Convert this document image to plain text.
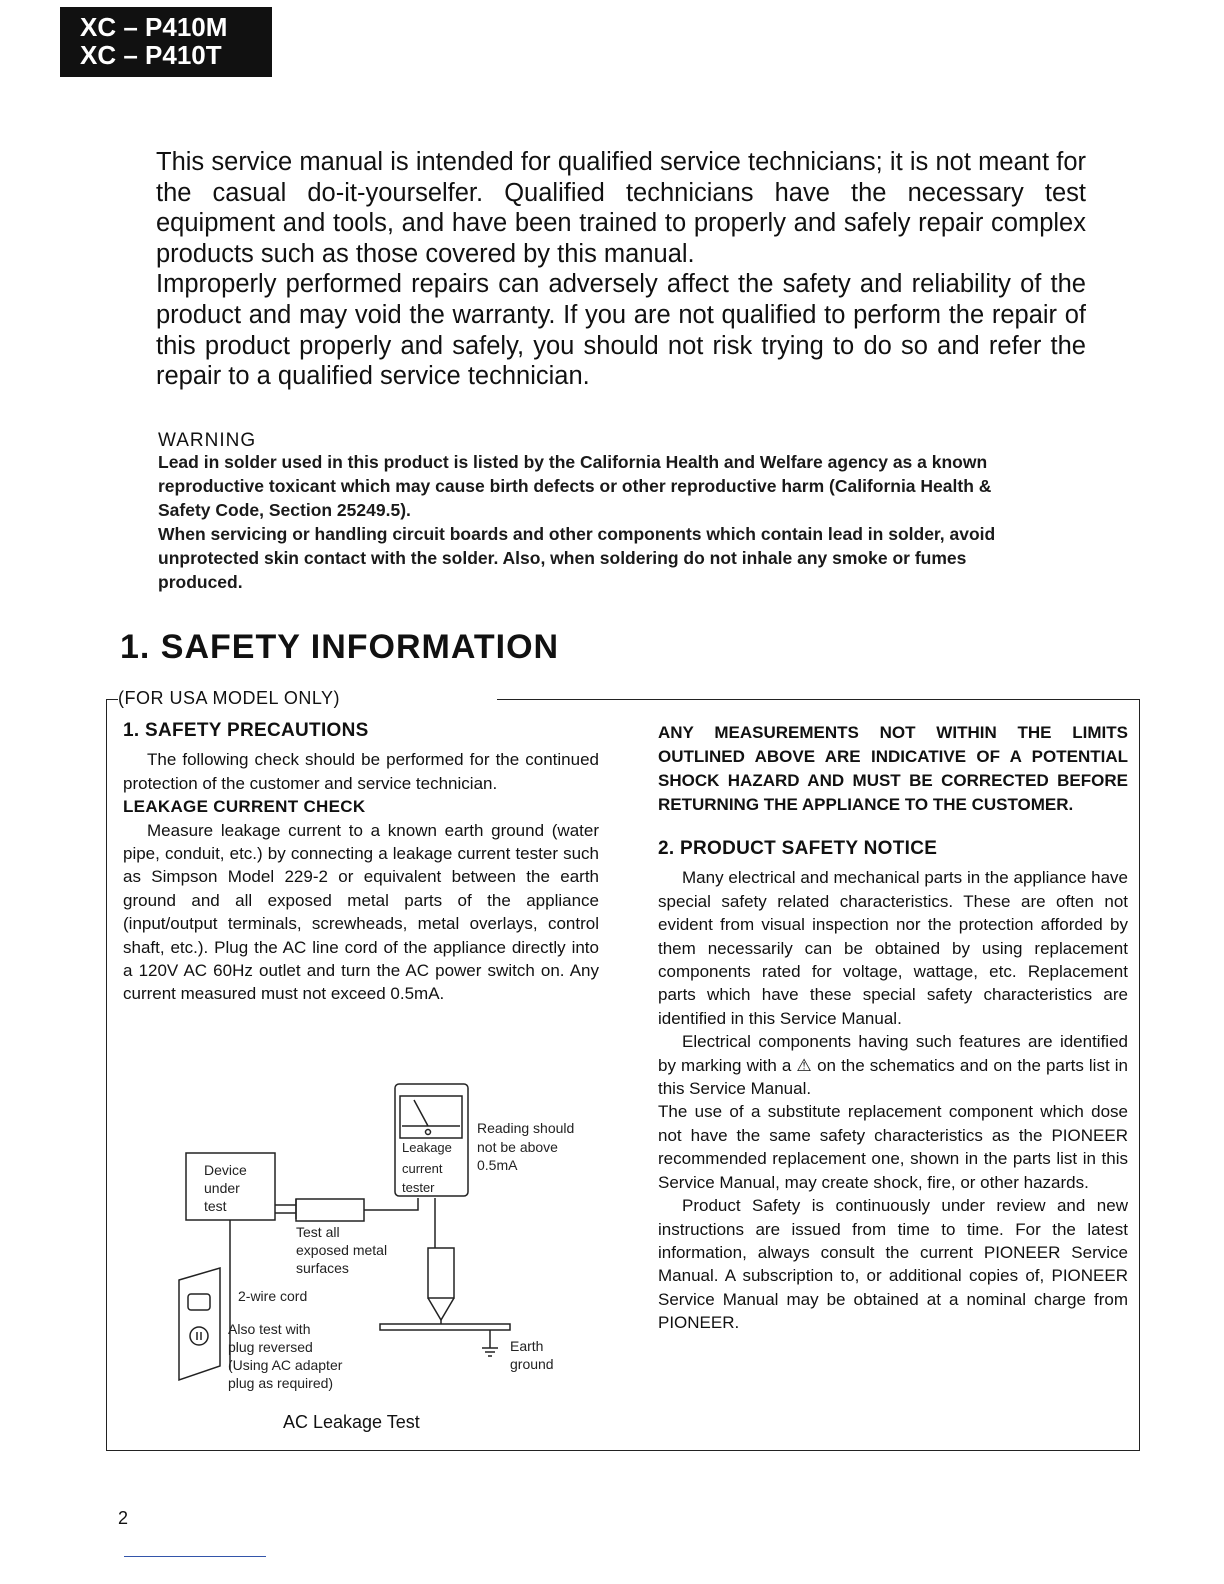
XC – P410M
XC – P410T

This service manual is intended for qualified service technicians; it is not meant for the casual do-it-yourselfer. Qualified technicians have the necessary test equipment and tools, and have been trained to properly and safely repair complex products such as those covered by this manual.

Improperly performed repairs can adversely affect the safety and reliability of the product and may void the warranty. If you are not qualified to perform the repair of this product properly and safely, you should not risk trying to do so and refer the repair to a qualified service technician.

WARNING

Lead in solder used in this product is listed by the California Health and Welfare agency as a known reproductive toxicant which may cause birth defects or other reproductive harm (California Health & Safety Code, Section 25249.5).

When servicing or handling circuit boards and other components which contain lead in solder, avoid unprotected skin contact with the solder. Also, when soldering do not inhale any smoke or fumes produced.

1. SAFETY INFORMATION
(FOR USA MODEL ONLY)
1. SAFETY PRECAUTIONS

The following check should be performed for the continued protection of the customer and service technician.

LEAKAGE CURRENT CHECK

Measure leakage current to a known earth ground (water pipe, conduit, etc.) by connecting a leakage current tester such as Simpson Model 229-2 or equivalent between the earth ground and all exposed metal parts of the appliance (input/output terminals, screwheads, metal overlays, control shaft, etc.). Plug the AC line cord of the appliance directly into a 120V AC 60Hz outlet and turn the AC power switch on. Any current measured must not exceed 0.5mA.

ANY MEASUREMENTS NOT WITHIN THE LIMITS OUTLINED ABOVE ARE INDICATIVE OF A POTENTIAL SHOCK HAZARD AND MUST BE CORRECTED BEFORE RETURNING THE APPLIANCE TO THE CUSTOMER.

2. PRODUCT SAFETY NOTICE

Many electrical and mechanical parts in the appliance have special safety related characteristics. These are often not evident from visual inspection nor the protection afforded by them necessarily can be obtained by using replacement components rated for voltage, wattage, etc. Replacement parts which have these special safety characteristics are identified in this Service Manual.

Electrical components having such features are identified by marking with a ⚠ on the schematics and on the parts list in this Service Manual.

The use of a substitute replacement component which dose not have the same safety characteristics as the PIONEER recommended replacement one, shown in the parts list in this Service Manual, may create shock, fire, or other hazards.

Product Safety is continuously under review and new instructions are issued from time to time. For the latest information, always consult the current PIONEER Service Manual. A subscription to, or additional copies of, PIONEER Service Manual may be obtained at a nominal charge from PIONEER.

Device
under
test
Leakage
current
tester
Reading should
not be above
0.5mA
Test all
exposed metal
surfaces
2-wire cord
Also test with
plug reversed
(Using AC adapter
plug as required)
Earth
ground
AC Leakage Test
2
